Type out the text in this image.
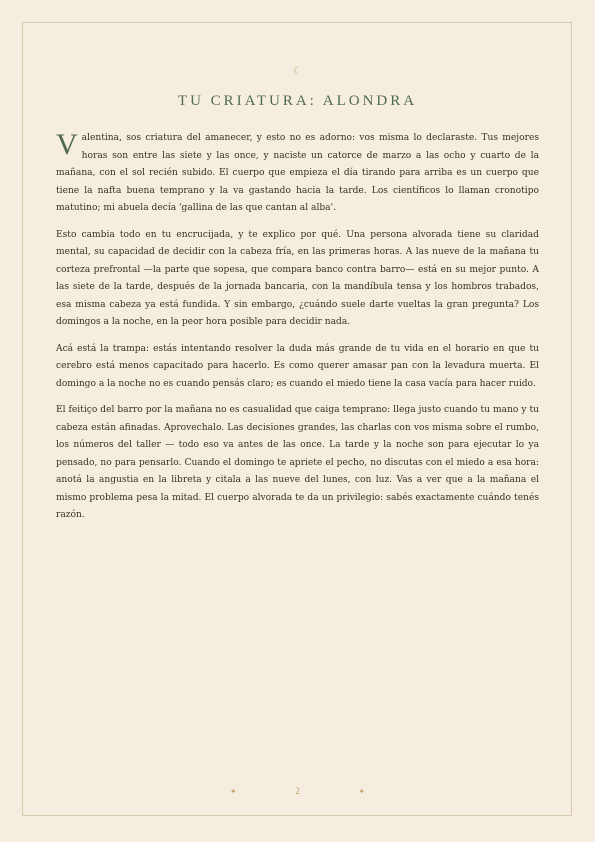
☾
TU CRIATURA: ALONDRA

Valentina, sos criatura del amanecer, y esto no es adorno: vos misma lo declaraste. Tus mejores horas son entre las siete y las once, y naciste un catorce de marzo a las ocho y cuarto de la mañana, con el sol recién subido. El cuerpo que empieza el día tirando para arriba es un cuerpo que tiene la nafta buena temprano y la va gastando hacia la tarde. Los científicos lo llaman cronotipo matutino; mi abuela decía 'gallina de las que cantan al alba'.

Esto cambia todo en tu encrucijada, y te explico por qué. Una persona alvorada tiene su claridad mental, su capacidad de decidir con la cabeza fría, en las primeras horas. A las nueve de la mañana tu corteza prefrontal —la parte que sopesa, que compara banco contra barro— está en su mejor punto. A las siete de la tarde, después de la jornada bancaria, con la mandíbula tensa y los hombros trabados, esa misma cabeza ya está fundida. Y sin embargo, ¿cuándo suele darte vueltas la gran pregunta? Los domingos a la noche, en la peor hora posible para decidir nada.

Acá está la trampa: estás intentando resolver la duda más grande de tu vida en el horario en que tu cerebro está menos capacitado para hacerlo. Es como querer amasar pan con la levadura muerta. El domingo a la noche no es cuando pensás claro; es cuando el miedo tiene la casa vacía para hacer ruido.

El feitiço del barro por la mañana no es casualidad que caiga temprano: llega justo cuando tu mano y tu cabeza están afinadas. Aprovechalo. Las decisiones grandes, las charlas con vos misma sobre el rumbo, los números del taller — todo eso va antes de las once. La tarde y la noche son para ejecutar lo ya pensado, no para pensarlo. Cuando el domingo te apriete el pecho, no discutas con el miedo a esa hora: anotá la angustia en la libreta y citala a las nueve del lunes, con luz. Vas a ver que a la mañana el mismo problema pesa la mitad. El cuerpo alvorada te da un privilegio: sabés exactamente cuándo tenés razón.

✦	2	✦
